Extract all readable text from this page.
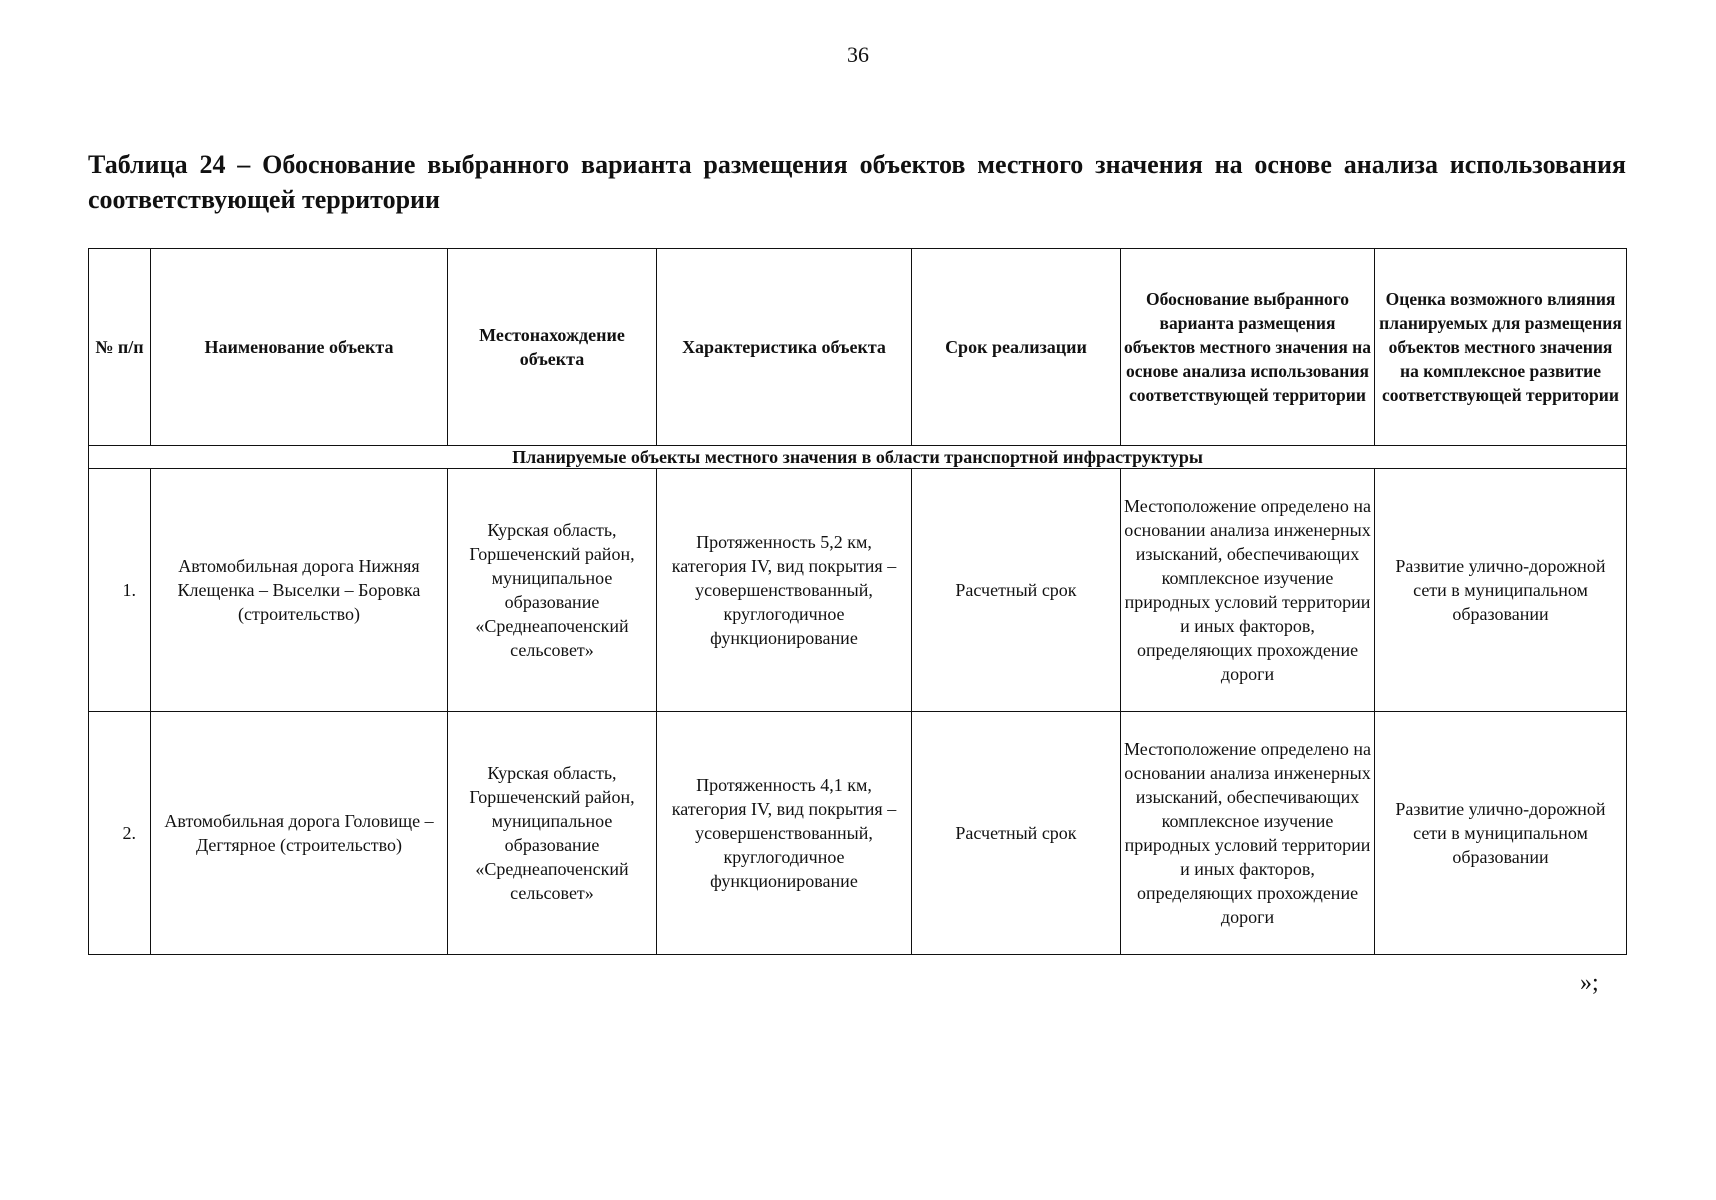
36
Таблица 24 – Обоснование выбранного варианта размещения объектов местного значения на основе анализа использования соответствующей территории
№ п/п	Наименование объекта	Местонахождение объекта	Характеристика объекта	Срок реализации	Обоснование выбранного варианта размещения объектов местного значения на основе анализа использования соответствующей территории	Оценка возможного влияния планируемых для размещения объектов местного значения на комплексное развитие соответствующей территории
Планируемые объекты местного значения в области транспортной инфраструктуры						
1.	Автомобильная дорога Нижняя Клещенка – Выселки – Боровка (строительство)	Курская область, Горшеченский район, муниципальное образование «Среднеапоченский сельсовет»	Протяженность 5,2 км, категория IV, вид покрытия – усовершенствованный, круглогодичное функционирование	Расчетный срок	Местоположение определено на основании анализа инженерных изысканий, обеспечивающих комплексное изучение природных условий территории и иных факторов, определяющих прохождение дороги	Развитие улично-дорожной сети в муниципальном образовании
2.	Автомобильная дорога Головище – Дегтярное (строительство)	Курская область, Горшеченский район, муниципальное образование «Среднеапоченский сельсовет»	Протяженность 4,1 км, категория IV, вид покрытия – усовершенствованный, круглогодичное функционирование	Расчетный срок	Местоположение определено на основании анализа инженерных изысканий, обеспечивающих комплексное изучение природных условий территории и иных факторов, определяющих прохождение дороги	Развитие улично-дорожной сети в муниципальном образовании
»;
